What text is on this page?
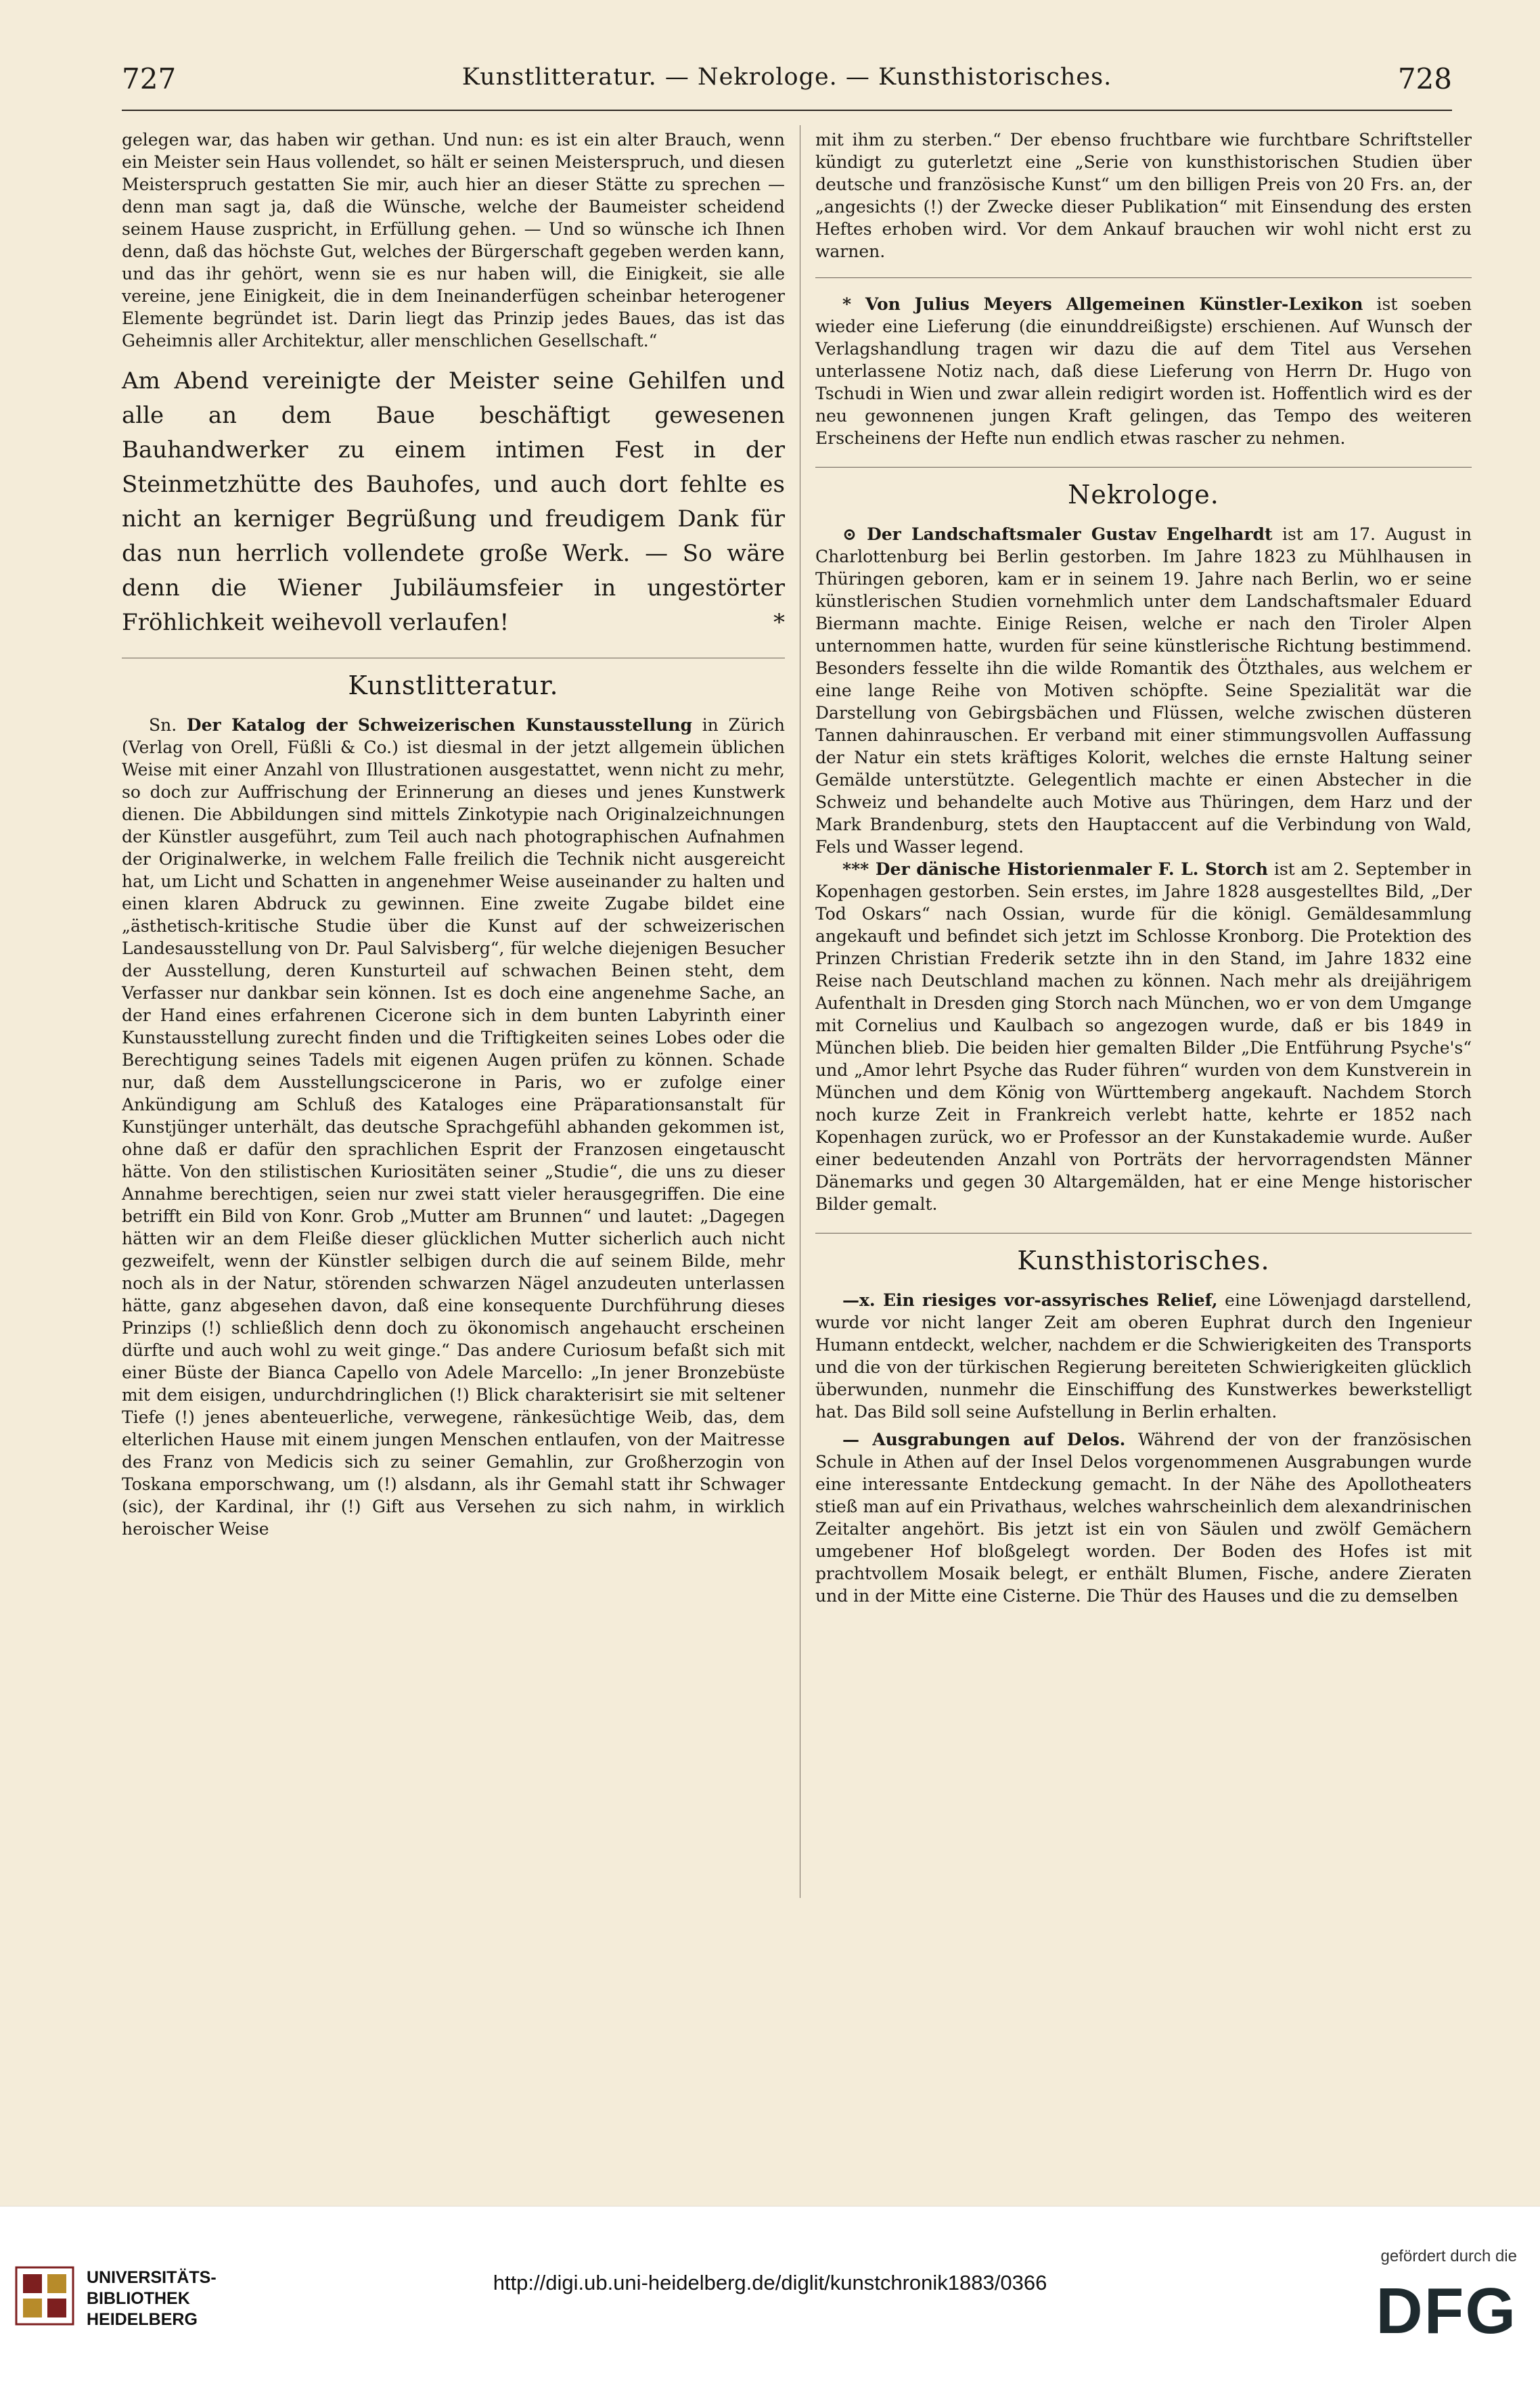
727	Kunstlitteratur. — Nekrologe. — Kunsthistorisches.	728

gelegen war, das haben wir gethan. Und nun: es ist ein alter Brauch, wenn ein Meister sein Haus vollendet, so hält er seinen Meisterspruch, und diesen Meisterspruch gestatten Sie mir, auch hier an dieser Stätte zu sprechen — denn man sagt ja, daß die Wünsche, welche der Baumeister scheidend seinem Hause zuspricht, in Erfüllung gehen. — Und so wünsche ich Ihnen denn, daß das höchste Gut, welches der Bürgerschaft gegeben werden kann, und das ihr gehört, wenn sie es nur haben will, die Einigkeit, sie alle vereine, jene Einigkeit, die in dem Ineinanderfügen scheinbar heterogener Elemente begründet ist. Darin liegt das Prinzip jedes Baues, das ist das Geheimnis aller Architektur, aller menschlichen Gesellschaft.“

Am Abend vereinigte der Meister seine Gehilfen und alle an dem Baue beschäftigt gewesenen Bauhandwerker zu einem intimen Fest in der Steinmetzhütte des Bauhofes, und auch dort fehlte es nicht an kerniger Begrüßung und freudigem Dank für das nun herrlich vollendete große Werk. — So wäre denn die Wiener Jubiläumsfeier in ungestörter Fröhlichkeit weihevoll verlaufen!	*

Kunstlitteratur.

Sn. Der Katalog der Schweizerischen Kunstausstellung in Zürich (Verlag von Orell, Füßli & Co.) ist diesmal in der jetzt allgemein üblichen Weise mit einer Anzahl von Illustrationen ausgestattet, wenn nicht zu mehr, so doch zur Auffrischung der Erinnerung an dieses und jenes Kunstwerk dienen. Die Abbildungen sind mittels Zinkotypie nach Originalzeichnungen der Künstler ausgeführt, zum Teil auch nach photographischen Aufnahmen der Originalwerke, in welchem Falle freilich die Technik nicht ausgereicht hat, um Licht und Schatten in angenehmer Weise auseinander zu halten und einen klaren Abdruck zu gewinnen. Eine zweite Zugabe bildet eine „ästhetisch-kritische Studie über die Kunst auf der schweizerischen Landesausstellung von Dr. Paul Salvisberg“, für welche diejenigen Besucher der Ausstellung, deren Kunsturteil auf schwachen Beinen steht, dem Verfasser nur dankbar sein können. Ist es doch eine angenehme Sache, an der Hand eines erfahrenen Cicerone sich in dem bunten Labyrinth einer Kunstausstellung zurecht finden und die Triftigkeiten seines Lobes oder die Berechtigung seines Tadels mit eigenen Augen prüfen zu können. Schade nur, daß dem Ausstellungscicerone in Paris, wo er zufolge einer Ankündigung am Schluß des Kataloges eine Präparationsanstalt für Kunstjünger unterhält, das deutsche Sprachgefühl abhanden gekommen ist, ohne daß er dafür den sprachlichen Esprit der Franzosen eingetauscht hätte. Von den stilistischen Kuriositäten seiner „Studie“, die uns zu dieser Annahme berechtigen, seien nur zwei statt vieler herausgegriffen. Die eine betrifft ein Bild von Konr. Grob „Mutter am Brunnen“ und lautet: „Dagegen hätten wir an dem Fleiße dieser glücklichen Mutter sicherlich auch nicht gezweifelt, wenn der Künstler selbigen durch die auf seinem Bilde, mehr noch als in der Natur, störenden schwarzen Nägel anzudeuten unterlassen hätte, ganz abgesehen davon, daß eine konsequente Durchführung dieses Prinzips (!) schließlich denn doch zu ökonomisch angehaucht erscheinen dürfte und auch wohl zu weit ginge.“ Das andere Curiosum befaßt sich mit einer Büste der Bianca Capello von Adele Marcello: „In jener Bronzebüste mit dem eisigen, undurchdringlichen (!) Blick charakterisirt sie mit seltener Tiefe (!) jenes abenteuerliche, verwegene, ränkesüchtige Weib, das, dem elterlichen Hause mit einem jungen Menschen entlaufen, von der Maitresse des Franz von Medicis sich zu seiner Gemahlin, zur Großherzogin von Toskana emporschwang, um (!) alsdann, als ihr Gemahl statt ihr Schwager (sic), der Kardinal, ihr (!) Gift aus Versehen zu sich nahm, in wirklich heroischer Weise

mit ihm zu sterben.“ Der ebenso fruchtbare wie furchtbare Schriftsteller kündigt zu guterletzt eine „Serie von kunsthistorischen Studien über deutsche und französische Kunst“ um den billigen Preis von 20 Frs. an, der „angesichts (!) der Zwecke dieser Publikation“ mit Einsendung des ersten Heftes erhoben wird. Vor dem Ankauf brauchen wir wohl nicht erst zu warnen.

* Von Julius Meyers Allgemeinen Künstler-Lexikon ist soeben wieder eine Lieferung (die einunddreißigste) erschienen. Auf Wunsch der Verlagshandlung tragen wir dazu die auf dem Titel aus Versehen unterlassene Notiz nach, daß diese Lieferung von Herrn Dr. Hugo von Tschudi in Wien und zwar allein redigirt worden ist. Hoffentlich wird es der neu gewonnenen jungen Kraft gelingen, das Tempo des weiteren Erscheinens der Hefte nun endlich etwas rascher zu nehmen.

Nekrologe.

⊙ Der Landschaftsmaler Gustav Engelhardt ist am 17. August in Charlottenburg bei Berlin gestorben. Im Jahre 1823 zu Mühlhausen in Thüringen geboren, kam er in seinem 19. Jahre nach Berlin, wo er seine künstlerischen Studien vornehmlich unter dem Landschaftsmaler Eduard Biermann machte. Einige Reisen, welche er nach den Tiroler Alpen unternommen hatte, wurden für seine künstlerische Richtung bestimmend. Besonders fesselte ihn die wilde Romantik des Ötzthales, aus welchem er eine lange Reihe von Motiven schöpfte. Seine Spezialität war die Darstellung von Gebirgsbächen und Flüssen, welche zwischen düsteren Tannen dahinrauschen. Er verband mit einer stimmungsvollen Auffassung der Natur ein stets kräftiges Kolorit, welches die ernste Haltung seiner Gemälde unterstützte. Gelegentlich machte er einen Abstecher in die Schweiz und behandelte auch Motive aus Thüringen, dem Harz und der Mark Brandenburg, stets den Hauptaccent auf die Verbindung von Wald, Fels und Wasser legend.

*** Der dänische Historienmaler F. L. Storch ist am 2. September in Kopenhagen gestorben. Sein erstes, im Jahre 1828 ausgestelltes Bild, „Der Tod Oskars“ nach Ossian, wurde für die königl. Gemäldesammlung angekauft und befindet sich jetzt im Schlosse Kronborg. Die Protektion des Prinzen Christian Frederik setzte ihn in den Stand, im Jahre 1832 eine Reise nach Deutschland machen zu können. Nach mehr als dreijährigem Aufenthalt in Dresden ging Storch nach München, wo er von dem Umgange mit Cornelius und Kaulbach so angezogen wurde, daß er bis 1849 in München blieb. Die beiden hier gemalten Bilder „Die Entführung Psyche's“ und „Amor lehrt Psyche das Ruder führen“ wurden von dem Kunstverein in München und dem König von Württemberg angekauft. Nachdem Storch noch kurze Zeit in Frankreich verlebt hatte, kehrte er 1852 nach Kopenhagen zurück, wo er Professor an der Kunstakademie wurde. Außer einer bedeutenden Anzahl von Porträts der hervorragendsten Männer Dänemarks und gegen 30 Altargemälden, hat er eine Menge historischer Bilder gemalt.

Kunsthistorisches.

—x. Ein riesiges vor-assyrisches Relief, eine Löwenjagd darstellend, wurde vor nicht langer Zeit am oberen Euphrat durch den Ingenieur Humann entdeckt, welcher, nachdem er die Schwierigkeiten des Transports und die von der türkischen Regierung bereiteten Schwierigkeiten glücklich überwunden, nunmehr die Einschiffung des Kunstwerkes bewerkstelligt hat. Das Bild soll seine Aufstellung in Berlin erhalten.

— Ausgrabungen auf Delos. Während der von der französischen Schule in Athen auf der Insel Delos vorgenommenen Ausgrabungen wurde eine interessante Entdeckung gemacht. In der Nähe des Apollotheaters stieß man auf ein Privathaus, welches wahrscheinlich dem alexandrinischen Zeitalter angehört. Bis jetzt ist ein von Säulen und zwölf Gemächern umgebener Hof bloßgelegt worden. Der Boden des Hofes ist mit prachtvollem Mosaik belegt, er enthält Blumen, Fische, andere Zieraten und in der Mitte eine Cisterne. Die Thür des Hauses und die zu demselben

UNIVERSITÄTS-
BIBLIOTHEK
HEIDELBERG
http://digi.ub.uni-heidelberg.de/diglit/kunstchronik1883/0366
gefördert durch die
DFG
